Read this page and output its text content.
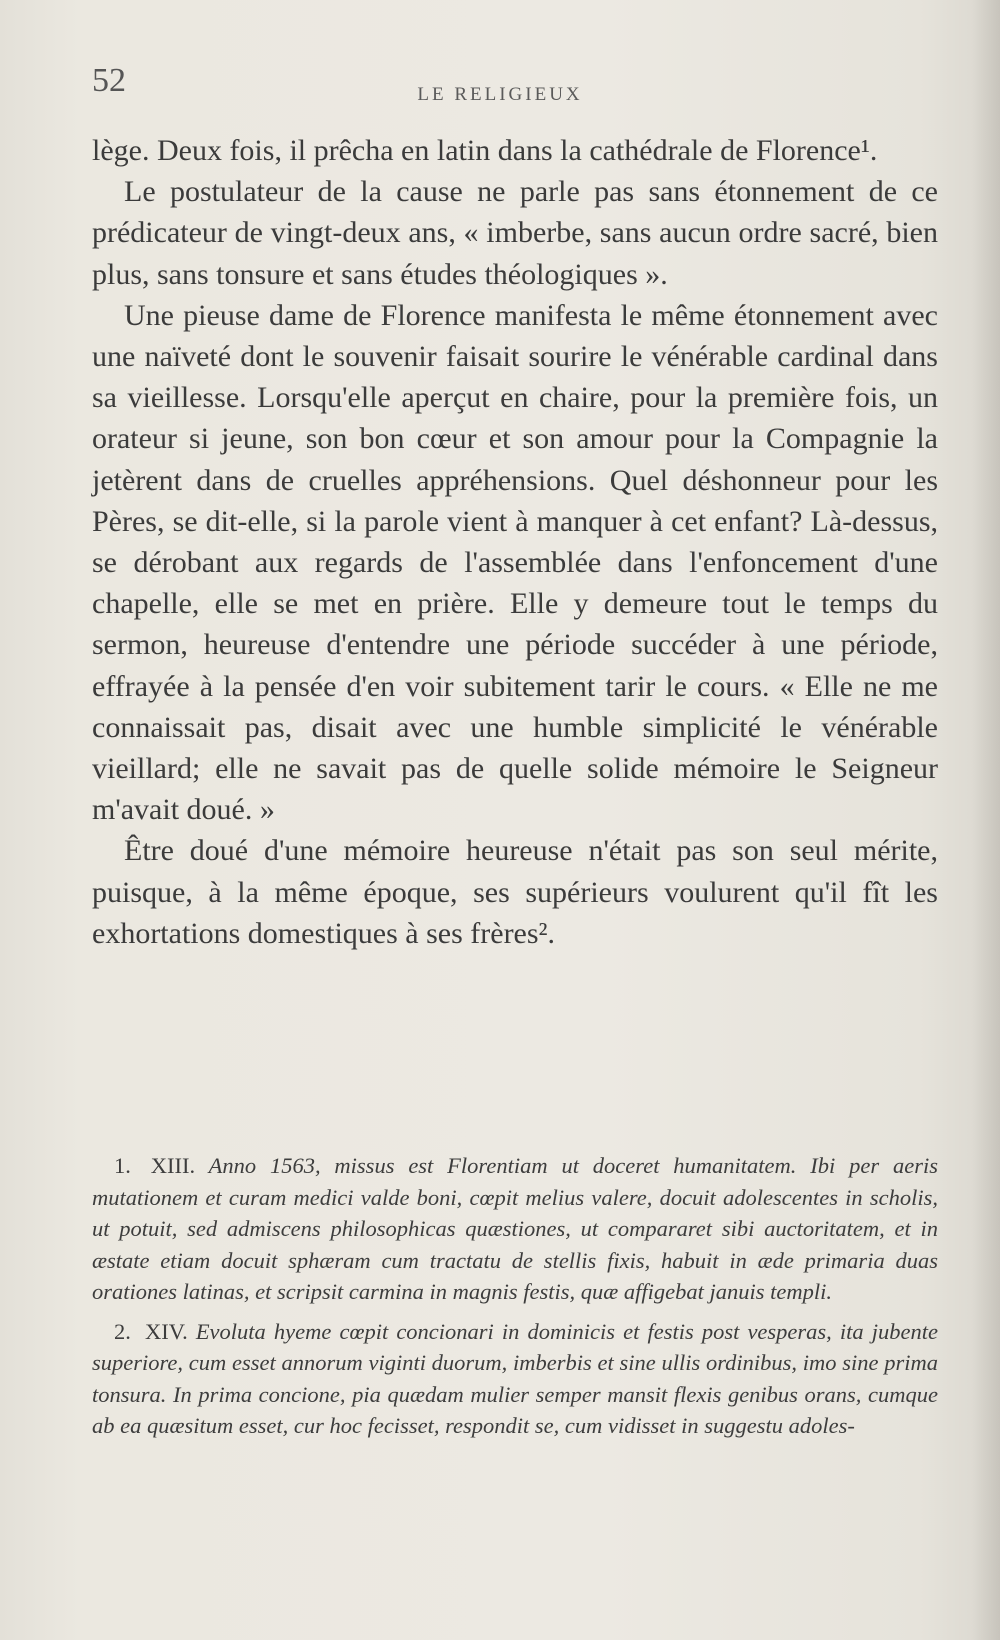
52	LE RELIGIEUX

lège. Deux fois, il prêcha en latin dans la cathédrale de Florence¹.

Le postulateur de la cause ne parle pas sans étonnement de ce prédicateur de vingt-deux ans, « imberbe, sans aucun ordre sacré, bien plus, sans tonsure et sans études théologiques ».

Une pieuse dame de Florence manifesta le même étonnement avec une naïveté dont le souvenir faisait sourire le vénérable cardinal dans sa vieillesse. Lorsqu'elle aperçut en chaire, pour la première fois, un orateur si jeune, son bon cœur et son amour pour la Compagnie la jetèrent dans de cruelles appréhensions. Quel déshonneur pour les Pères, se dit-elle, si la parole vient à manquer à cet enfant? Là-dessus, se dérobant aux regards de l'assemblée dans l'enfoncement d'une chapelle, elle se met en prière. Elle y demeure tout le temps du sermon, heureuse d'entendre une période succéder à une période, effrayée à la pensée d'en voir subitement tarir le cours. « Elle ne me connaissait pas, disait avec une humble simplicité le vénérable vieillard; elle ne savait pas de quelle solide mémoire le Seigneur m'avait doué. »

Être doué d'une mémoire heureuse n'était pas son seul mérite, puisque, à la même époque, ses supérieurs voulurent qu'il fît les exhortations domestiques à ses frères².

1. XIII. Anno 1563, missus est Florentiam ut doceret humanitatem. Ibi per aeris mutationem et curam medici valde boni, cœpit melius valere, docuit adolescentes in scholis, ut potuit, sed admiscens philosophicas quæstiones, ut compararet sibi auctoritatem, et in æstate etiam docuit sphæram cum tractatu de stellis fixis, habuit in æde primaria duas orationes latinas, et scripsit carmina in magnis festis, quæ affigebat januis templi.

2. XIV. Evoluta hyeme cœpit concionari in dominicis et festis post vesperas, ita jubente superiore, cum esset annorum viginti duorum, imberbis et sine ullis ordinibus, imo sine prima tonsura. In prima concione, pia quædam mulier semper mansit flexis genibus orans, cumque ab ea quæsitum esset, cur hoc fecisset, respondit se, cum vidisset in suggestu adoles-
